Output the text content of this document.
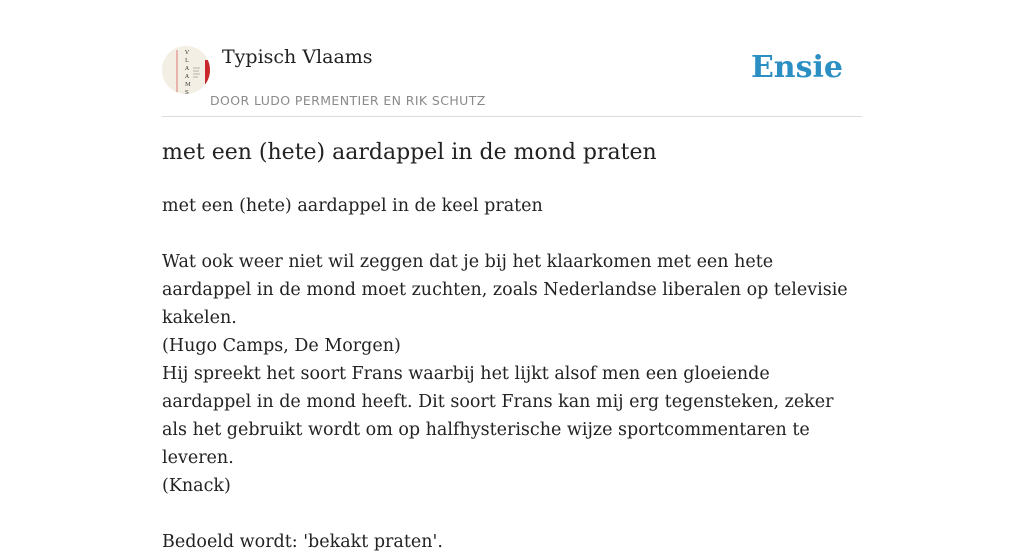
V
L
A
A
M
S
Typisch Vlaams
DOOR LUDO PERMENTIER EN RIK SCHUTZ
Ensie
met een (hete) aardappel in de mond praten

met een (hete) aardappel in de keel praten

Wat ook weer niet wil zeggen dat je bij het klaarkomen met een hete aardappel in de mond moet zuchten, zoals Nederlandse liberalen op televisie kakelen.

(Hugo Camps, De Morgen)

Hij spreekt het soort Frans waarbij het lijkt alsof men een gloeiende aardappel in de mond heeft. Dit soort Frans kan mij erg tegensteken, zeker als het gebruikt wordt om op halfhysterische wijze sportcommentaren te leveren.

(Knack)

Bedoeld wordt: 'bekakt praten'.
